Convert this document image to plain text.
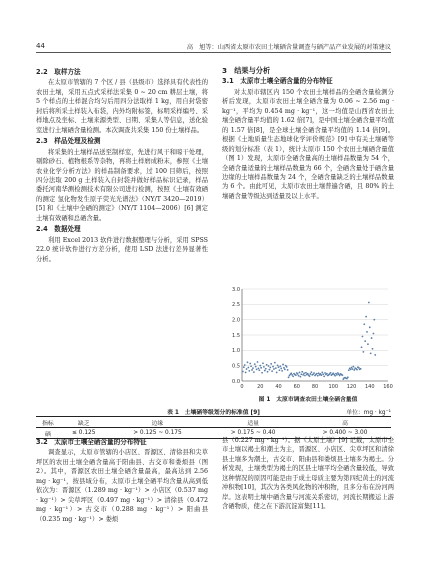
44	高　旭等：山西省太原市农田土壤硒含量调查与硒产品产业发展的对策建议
2.2　取样方法

在太原市管辖的 7 个区 / 县（县级市）选择具有代表性的农田土壤，采用五点式采样法采集 0 ~ 20 cm 耕层土壤，将 5 个样点的土样混合均匀后用四分法取样 1 kg，用自封袋密封后将所采土样装入布袋，内外均附标签，标明采样编号、采样地点及坐标、土壤来源类型、日期、采集人等信息，送化验室进行土壤硒含量检测。本次调查共采集 150 份土壤样品。

2.3　样品处理及检测

将采集的土壤样品送至制样室，先进行风干和晾干处理，剔除砂石、植物根系等杂物，再将土样磨成粉末，参照《土壤农业化学分析方法》的样品制备要求，过 100 目筛后，按照四分法取 200 g 土样装入自封袋并做好样品标识记录，样品委托河南华测检测技术有限公司进行检测，按照《土壤有效硒的测定 氢化物发生原子荧光光谱法》（NY/T 3420—2019）[5] 和《土壤中全硒的测定》（NY/T 1104—2006）[6] 测定土壤有效硒和总硒含量。

2.4　数据处理

利用 Excel 2013 软件进行数据整理与分析，采用 SPSS 22.0 统计软件进行方差分析，使用 LSD 法进行差异显著性分析。

3　结果与分析
3.1　太原市土壤全硒含量的分布特征

对太原市辖区内 150 个农田土壤样品的全硒含量检测分析后发现，太原市农田土壤全硒含量为 0.06 ~ 2.56 mg · kg⁻¹，平均为 0.454 mg · kg⁻¹，这一均值是山西省农田土壤全硒含量平均值的 1.62 倍[7]，是中国土壤全硒含量平均值的 1.57 倍[8]，是全球土壤全硒含量平均值的 1.14 倍[9]。根据《土地质量生态地球化学评价规范》[9] 中有关土壤硒等级的划分标准（表 1），统计太原市 150 个农田土壤硒含量值（图 1）发现，太原市全硒含量高的土壤样品数量为 54 个，全硒含量适量的土壤样品数量为 66 个，全硒含量处于硒含量边缘的土壤样品数量为 24 个，全硒含量缺乏的土壤样品数量为 6 个。由此可见，太原市农田土壤普遍含硒，且 80% 的土壤硒含量等级达到适量及以上水平。

0.0
0.5
1.0
1.5
2.0
2.5
3.0
0	20 40 60 80 100 120 140 160
图 1　太原市调查农田土壤全硒含量值
表 1　土壤硒等级划分的标准值 [9]	单位：mg · kg⁻¹
指标	缺乏	边缘	适量	高
硒	≤ 0.125	> 0.125 ~ 0.175	> 0.175 ~ 0.40	> 0.400 ~ 3.00
3.2　太原市土壤全硒含量的分布特征

调查显示，太原市管辖的小店区、晋源区、清徐县和尖草坪区的农田土壤全硒含量高于阳曲县、古交市和娄烦县（图 2）。其中，晋源区农田土壤全硒含量最高，最高达到 2.56 mg · kg⁻¹，按县域分布，太原市土壤全硒平均含量从高到低依次为：晋源区（1.289 mg · kg⁻¹）> 小店区（0.537 mg · kg⁻¹）> 尖草坪区（0.497 mg · kg⁻¹）> 清徐县（0.472 mg · kg⁻¹）> 古交市（0.288 mg · kg⁻¹）> 阳曲县（0.235 mg · kg⁻¹）> 娄烦

县（0.227 mg · kg⁻¹）。据《太原土壤》[9] 记载，太原市全市土壤以褐土和潮土为主，晋源区、小店区、尖草坪区和清徐县土壤多为潮土，古交市、阳曲县和娄烦县土壤多为褐土。分析发现，土壤类型为褐土的区县土壤平均全硒含量较低，导致这种情况的原因可能是由于成土母质主要为第四纪黄土的河流冲积物[10]，其次为各类风化物的冲积物，且多分布在汾河两岸。这表明土壤中硒含量与河流关系密切，河流长期搬运上游含硒物质，使之在下游沉淀富集[11]。
